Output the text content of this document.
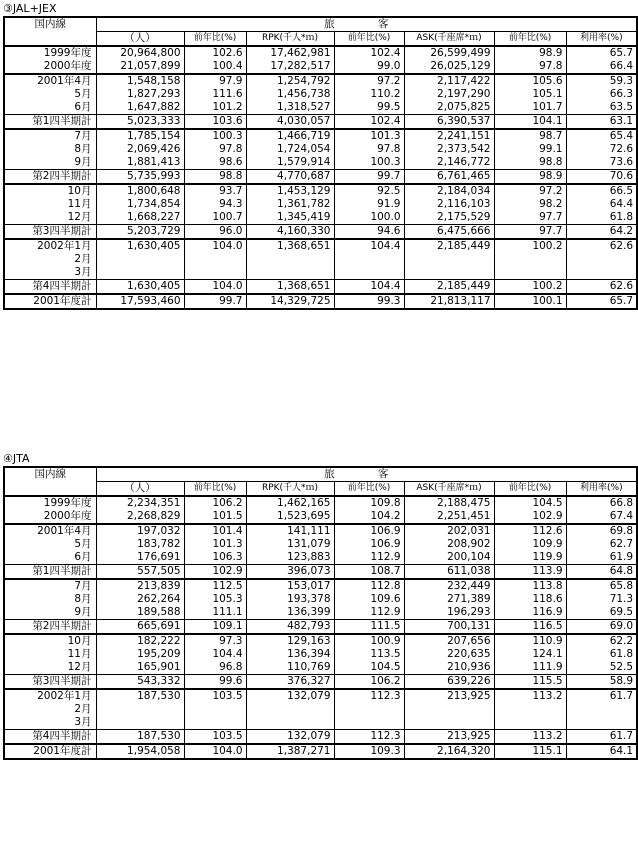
③JAL+JEX
国内線	旅 客						
	（人）	前年比(%)	RPK(千人*ｍ)	前年比(%)	ASK(千座席*ｍ)	前年比(%)	利用率(%)
1999年度	20,964,800	102.6	17,462,981	102.4	26,599,499	98.9	65.7
2000年度	21,057,899	100.4	17,282,517	99.0	26,025,129	97.8	66.4
2001年4月	1,548,158	97.9	1,254,792	97.2	2,117,422	105.6	59.3
5月	1,827,293	111.6	1,456,738	110.2	2,197,290	105.1	66.3
6月	1,647,882	101.2	1,318,527	99.5	2,075,825	101.7	63.5
第1四半期計	5,023,333	103.6	4,030,057	102.4	6,390,537	104.1	63.1
7月	1,785,154	100.3	1,466,719	101.3	2,241,151	98.7	65.4
8月	2,069,426	97.8	1,724,054	97.8	2,373,542	99.1	72.6
9月	1,881,413	98.6	1,579,914	100.3	2,146,772	98.8	73.6
第2四半期計	5,735,993	98.8	4,770,687	99.7	6,761,465	98.9	70.6
10月	1,800,648	93.7	1,453,129	92.5	2,184,034	97.2	66.5
11月	1,734,854	94.3	1,361,782	91.9	2,116,103	98.2	64.4
12月	1,668,227	100.7	1,345,419	100.0	2,175,529	97.7	61.8
第3四半期計	5,203,729	96.0	4,160,330	94.6	6,475,666	97.7	64.2
2002年1月	1,630,405	104.0	1,368,651	104.4	2,185,449	100.2	62.6
2月							
3月							
第4四半期計	1,630,405	104.0	1,368,651	104.4	2,185,449	100.2	62.6
2001年度計	17,593,460	99.7	14,329,725	99.3	21,813,117	100.1	65.7
④JTA
国内線	旅 客						
	（人）	前年比(%)	RPK(千人*ｍ)	前年比(%)	ASK(千座席*ｍ)	前年比(%)	利用率(%)
1999年度	2,234,351	106.2	1,462,165	109.8	2,188,475	104.5	66.8
2000年度	2,268,829	101.5	1,523,695	104.2	2,251,451	102.9	67.4
2001年4月	197,032	101.4	141,111	106.9	202,031	112.6	69.8
5月	183,782	101.3	131,079	106.9	208,902	109.9	62.7
6月	176,691	106.3	123,883	112.9	200,104	119.9	61.9
第1四半期計	557,505	102.9	396,073	108.7	611,038	113.9	64.8
7月	213,839	112.5	153,017	112.8	232,449	113.8	65.8
8月	262,264	105.3	193,378	109.6	271,389	118.6	71.3
9月	189,588	111.1	136,399	112.9	196,293	116.9	69.5
第2四半期計	665,691	109.1	482,793	111.5	700,131	116.5	69.0
10月	182,222	97.3	129,163	100.9	207,656	110.9	62.2
11月	195,209	104.4	136,394	113.5	220,635	124.1	61.8
12月	165,901	96.8	110,769	104.5	210,936	111.9	52.5
第3四半期計	543,332	99.6	376,327	106.2	639,226	115.5	58.9
2002年1月	187,530	103.5	132,079	112.3	213,925	113.2	61.7
2月							
3月							
第4四半期計	187,530	103.5	132,079	112.3	213,925	113.2	61.7
2001年度計	1,954,058	104.0	1,387,271	109.3	2,164,320	115.1	64.1
